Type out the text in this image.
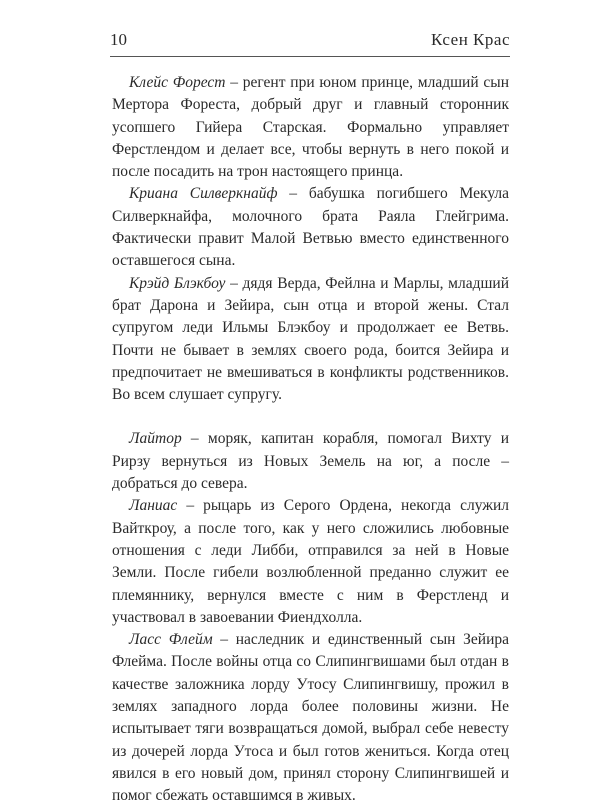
10	Ксен Крас

Клейс Форест – регент при юном принце, младший сын Мертора Фореста, добрый друг и главный сторонник усопшего Гийера Старская. Формально управляет Ферстлендом и делает все, чтобы вернуть в него покой и после посадить на трон настоящего принца.

Криана Силверкнайф – бабушка погибшего Мекула Силверкнайфа, молочного брата Раяла Глейгрима. Фактически правит Малой Ветвью вместо единственного оставшегося сына.

Крэйд Блэкбоу – дядя Верда, Фейлна и Марлы, младший брат Дарона и Зейира, сын отца и второй жены. Стал супругом леди Ильмы Блэкбоу и продолжает ее Ветвь. Почти не бывает в землях своего рода, боится Зейира и предпочитает не вмешиваться в конфликты родственников. Во всем слушает супругу.

Лайтор – моряк, капитан корабля, помогал Вихту и Рирзу вернуться из Новых Земель на юг, а после – добраться до севера.

Ланиас – рыцарь из Серого Ордена, некогда служил Вайткроу, а после того, как у него сложились любовные отношения с леди Либби, отправился за ней в Новые Земли. После гибели возлюбленной преданно служит ее племяннику, вернулся вместе с ним в Ферстленд и участвовал в завоевании Фиендхолла.

Ласс Флейм – наследник и единственный сын Зейира Флейма. После войны отца со Слипингвишами был отдан в качестве заложника лорду Утосу Слипингвишу, прожил в землях западного лорда более половины жизни. Не испытывает тяги возвращаться домой, выбрал себе невесту из дочерей лорда Утоса и был готов жениться. Когда отец явился в его новый дом, принял сторону Слипингвишей и помог сбежать оставшимся в живых.
